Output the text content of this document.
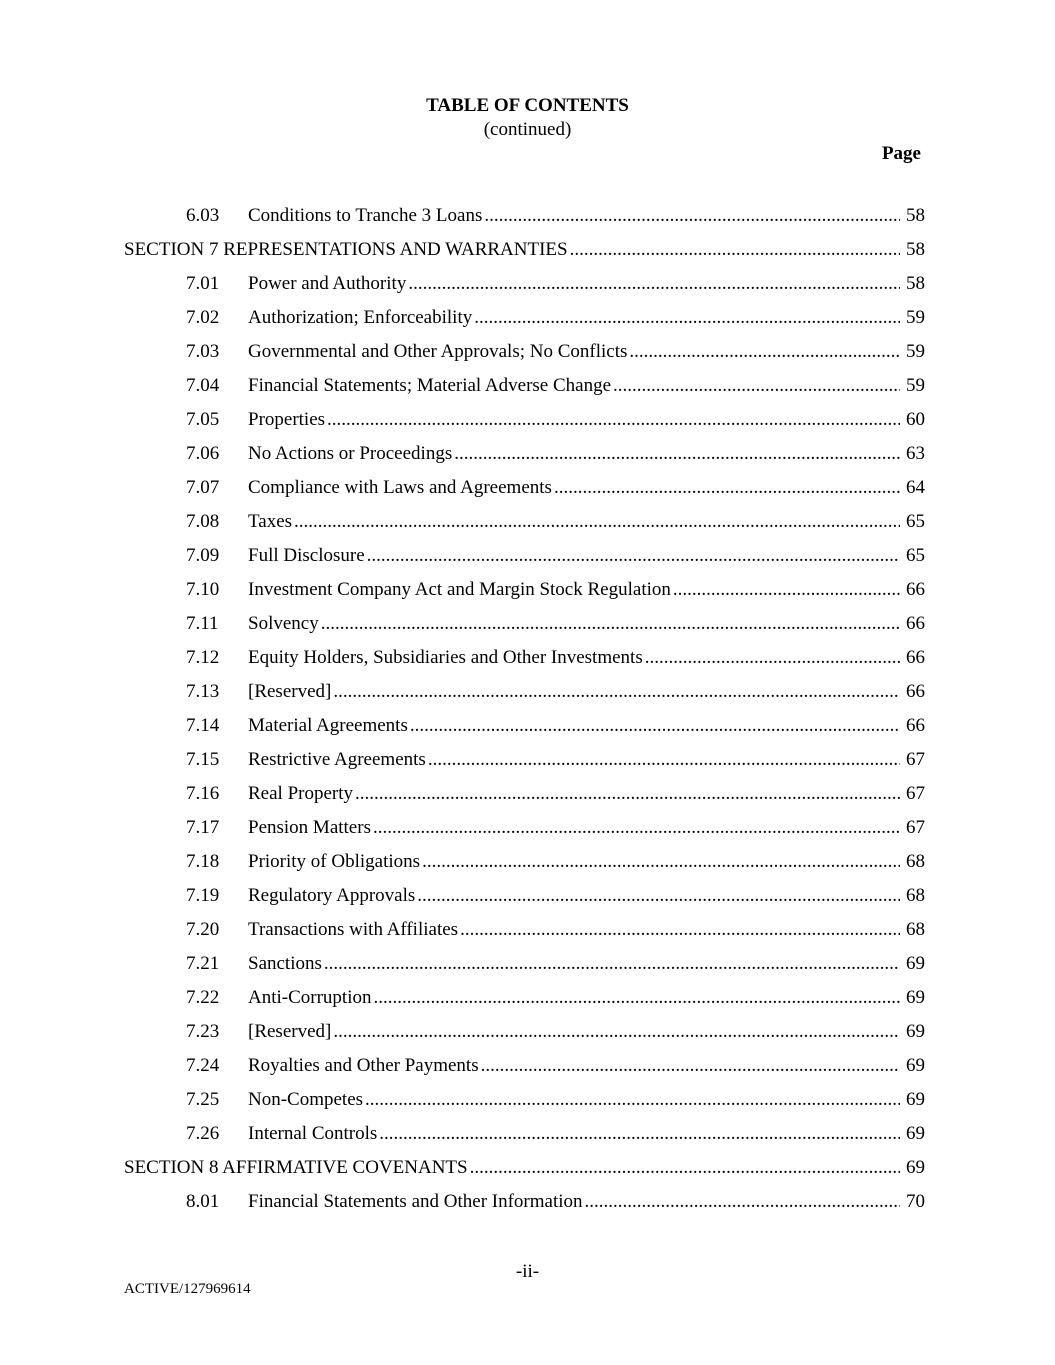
TABLE OF CONTENTS
(continued)
Page
6.03	Conditions to Tranche 3 Loans .....	58
SECTION 7 REPRESENTATIONS AND WARRANTIES .....	58
7.01	Power and Authority .....	58
7.02	Authorization; Enforceability .....	59
7.03	Governmental and Other Approvals; No Conflicts .....	59
7.04	Financial Statements; Material Adverse Change .....	59
7.05	Properties .....	60
7.06	No Actions or Proceedings .....	63
7.07	Compliance with Laws and Agreements .....	64
7.08	Taxes .....	65
7.09	Full Disclosure .....	65
7.10	Investment Company Act and Margin Stock Regulation .....	66
7.11	Solvency .....	66
7.12	Equity Holders, Subsidiaries and Other Investments .....	66
7.13	[Reserved] .....	66
7.14	Material Agreements .....	66
7.15	Restrictive Agreements .....	67
7.16	Real Property .....	67
7.17	Pension Matters .....	67
7.18	Priority of Obligations .....	68
7.19	Regulatory Approvals .....	68
7.20	Transactions with Affiliates .....	68
7.21	Sanctions .....	69
7.22	Anti-Corruption .....	69
7.23	[Reserved] .....	69
7.24	Royalties and Other Payments .....	69
7.25	Non-Competes .....	69
7.26	Internal Controls .....	69
SECTION 8 AFFIRMATIVE COVENANTS .....	69
8.01	Financial Statements and Other Information .....	70
-ii-
ACTIVE/127969614
